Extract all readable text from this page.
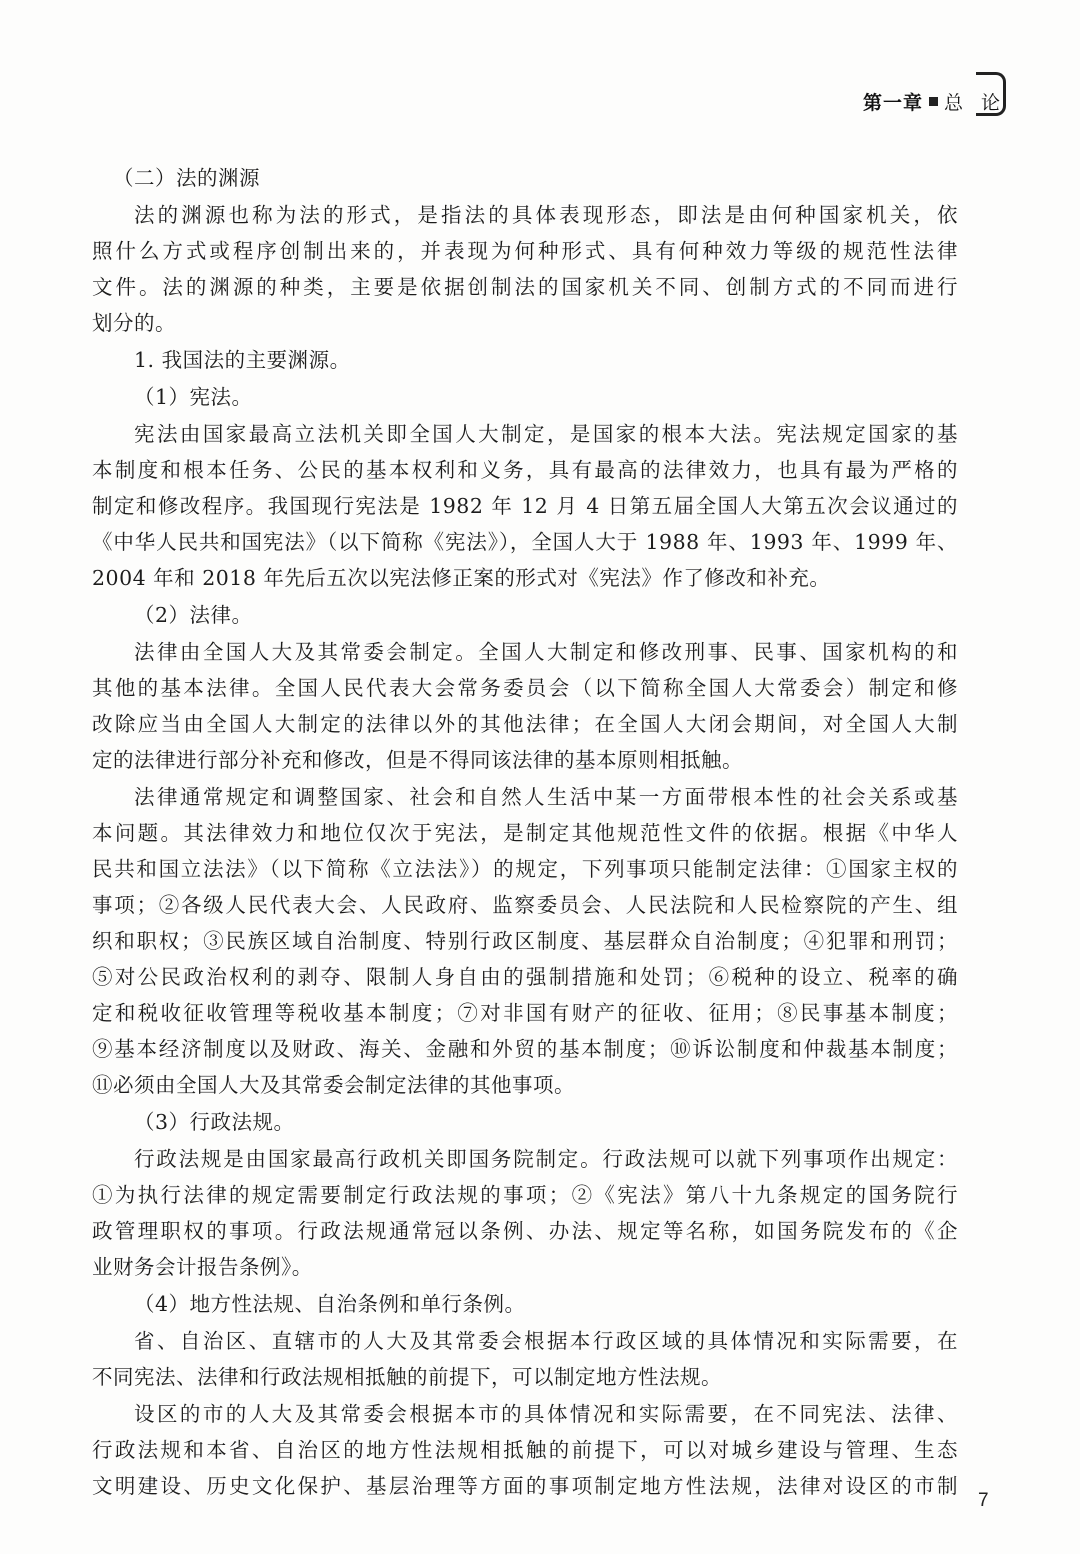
第一章 总 论
（二）法的渊源
法的渊源也称为法的形式，是指法的具体表现形态，即法是由何种国家机关，依
照什么方式或程序创制出来的，并表现为何种形式、具有何种效力等级的规范性法律
文件。法的渊源的种类，主要是依据创制法的国家机关不同、创制方式的不同而进行
划分的。
1. 我国法的主要渊源。
（1）宪法。
宪法由国家最高立法机关即全国人大制定，是国家的根本大法。宪法规定国家的基
本制度和根本任务、公民的基本权利和义务，具有最高的法律效力，也具有最为严格的
制定和修改程序。我国现行宪法是 1982 年 12 月 4 日第五届全国人大第五次会议通过的
《中华人民共和国宪法》（以下简称《宪法》），全国人大于 1988 年、1993 年、1999 年、
2004 年和 2018 年先后五次以宪法修正案的形式对《宪法》作了修改和补充。
（2）法律。
法律由全国人大及其常委会制定。全国人大制定和修改刑事、民事、国家机构的和
其他的基本法律。全国人民代表大会常务委员会（以下简称全国人大常委会）制定和修
改除应当由全国人大制定的法律以外的其他法律；在全国人大闭会期间，对全国人大制
定的法律进行部分补充和修改，但是不得同该法律的基本原则相抵触。
法律通常规定和调整国家、社会和自然人生活中某一方面带根本性的社会关系或基
本问题。其法律效力和地位仅次于宪法，是制定其他规范性文件的依据。根据《中华人
民共和国立法法》（以下简称《立法法》）的规定，下列事项只能制定法律：①国家主权的
事项；②各级人民代表大会、人民政府、监察委员会、人民法院和人民检察院的产生、组
织和职权；③民族区域自治制度、特别行政区制度、基层群众自治制度；④犯罪和刑罚；
⑤对公民政治权利的剥夺、限制人身自由的强制措施和处罚；⑥税种的设立、税率的确
定和税收征收管理等税收基本制度；⑦对非国有财产的征收、征用；⑧民事基本制度；
⑨基本经济制度以及财政、海关、金融和外贸的基本制度；⑩诉讼制度和仲裁基本制度；
⑪必须由全国人大及其常委会制定法律的其他事项。
（3）行政法规。
行政法规是由国家最高行政机关即国务院制定。行政法规可以就下列事项作出规定：
①为执行法律的规定需要制定行政法规的事项；②《宪法》第八十九条规定的国务院行
政管理职权的事项。行政法规通常冠以条例、办法、规定等名称，如国务院发布的《企
业财务会计报告条例》。
（4）地方性法规、自治条例和单行条例。
省、自治区、直辖市的人大及其常委会根据本行政区域的具体情况和实际需要，在
不同宪法、法律和行政法规相抵触的前提下，可以制定地方性法规。
设区的市的人大及其常委会根据本市的具体情况和实际需要，在不同宪法、法律、
行政法规和本省、自治区的地方性法规相抵触的前提下，可以对城乡建设与管理、生态
文明建设、历史文化保护、基层治理等方面的事项制定地方性法规，法律对设区的市制
7
